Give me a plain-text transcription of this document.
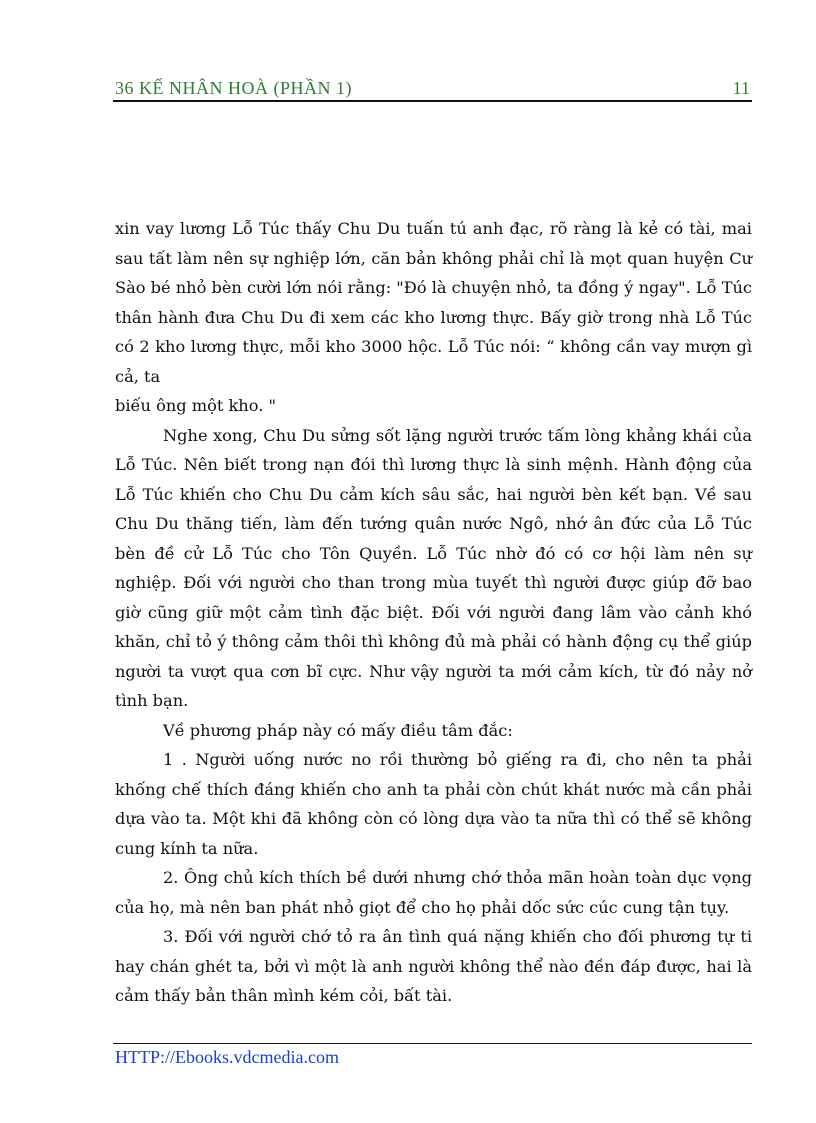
36 KẾ NHÂN HOÀ (PHẦN 1)	11

xin vay lương Lỗ Túc thấy Chu Du tuấn tú anh đạc, rõ ràng là kẻ có tài, mai sau tất làm nên sự nghiệp lớn, căn bản không phải chỉ là mọt quan huyện Cư Sào bé nhỏ bèn cười lớn nói rằng: "Đó là chuyện nhỏ, ta đồng ý ngay". Lỗ Túc thân hành đưa Chu Du đi xem các kho lương thực. Bấy giờ trong nhà Lỗ Túc có 2 kho lương thực, mỗi kho 3000 hộc. Lỗ Túc nói: “ không cần vay mượn gì cả, ta

biếu ông một kho. "

Nghe xong, Chu Du sửng sốt lặng người trước tấm lòng khảng khái của Lỗ Túc. Nên biết trong nạn đói thì lương thực là sinh mệnh. Hành động của Lỗ Túc khiến cho Chu Du cảm kích sâu sắc, hai người bèn kết bạn. Về sau Chu Du thăng tiến, làm đến tướng quân nước Ngô, nhớ ân đức của Lỗ Túc bèn đề cử Lỗ Túc cho Tôn Quyền. Lỗ Túc nhờ đó có cơ hội làm nên sự nghiệp. Đối với người cho than trong mùa tuyết thì người được giúp đỡ bao giờ cũng giữ một cảm tình đặc biệt. Đối với người đang lâm vào cảnh khó khăn, chỉ tỏ ý thông cảm thôi thì không đủ mà phải có hành động cụ thể giúp người ta vượt qua cơn bĩ cực. Như vậy người ta mới cảm kích, từ đó nảy nở tình bạn.

Về phương pháp này có mấy điều tâm đắc:

1 . Người uống nước no rồi thường bỏ giếng ra đi, cho nên ta phải khống chế thích đáng khiến cho anh ta phải còn chút khát nước mà cần phải dựa vào ta. Một khi đã không còn có lòng dựa vào ta nữa thì có thể sẽ không cung kính ta nữa.

2. Ông chủ kích thích bề dưới nhưng chớ thỏa mãn hoàn toàn dục vọng của họ, mà nên ban phát nhỏ giọt để cho họ phải dốc sức cúc cung tận tụy.

3. Đối với người chớ tỏ ra ân tình quá nặng khiến cho đối phương tự ti hay chán ghét ta, bởi vì một là anh người không thể nào đền đáp được, hai là cảm thấy bản thân mình kém cỏi, bất tài.

HTTP://Ebooks.vdcmedia.com
